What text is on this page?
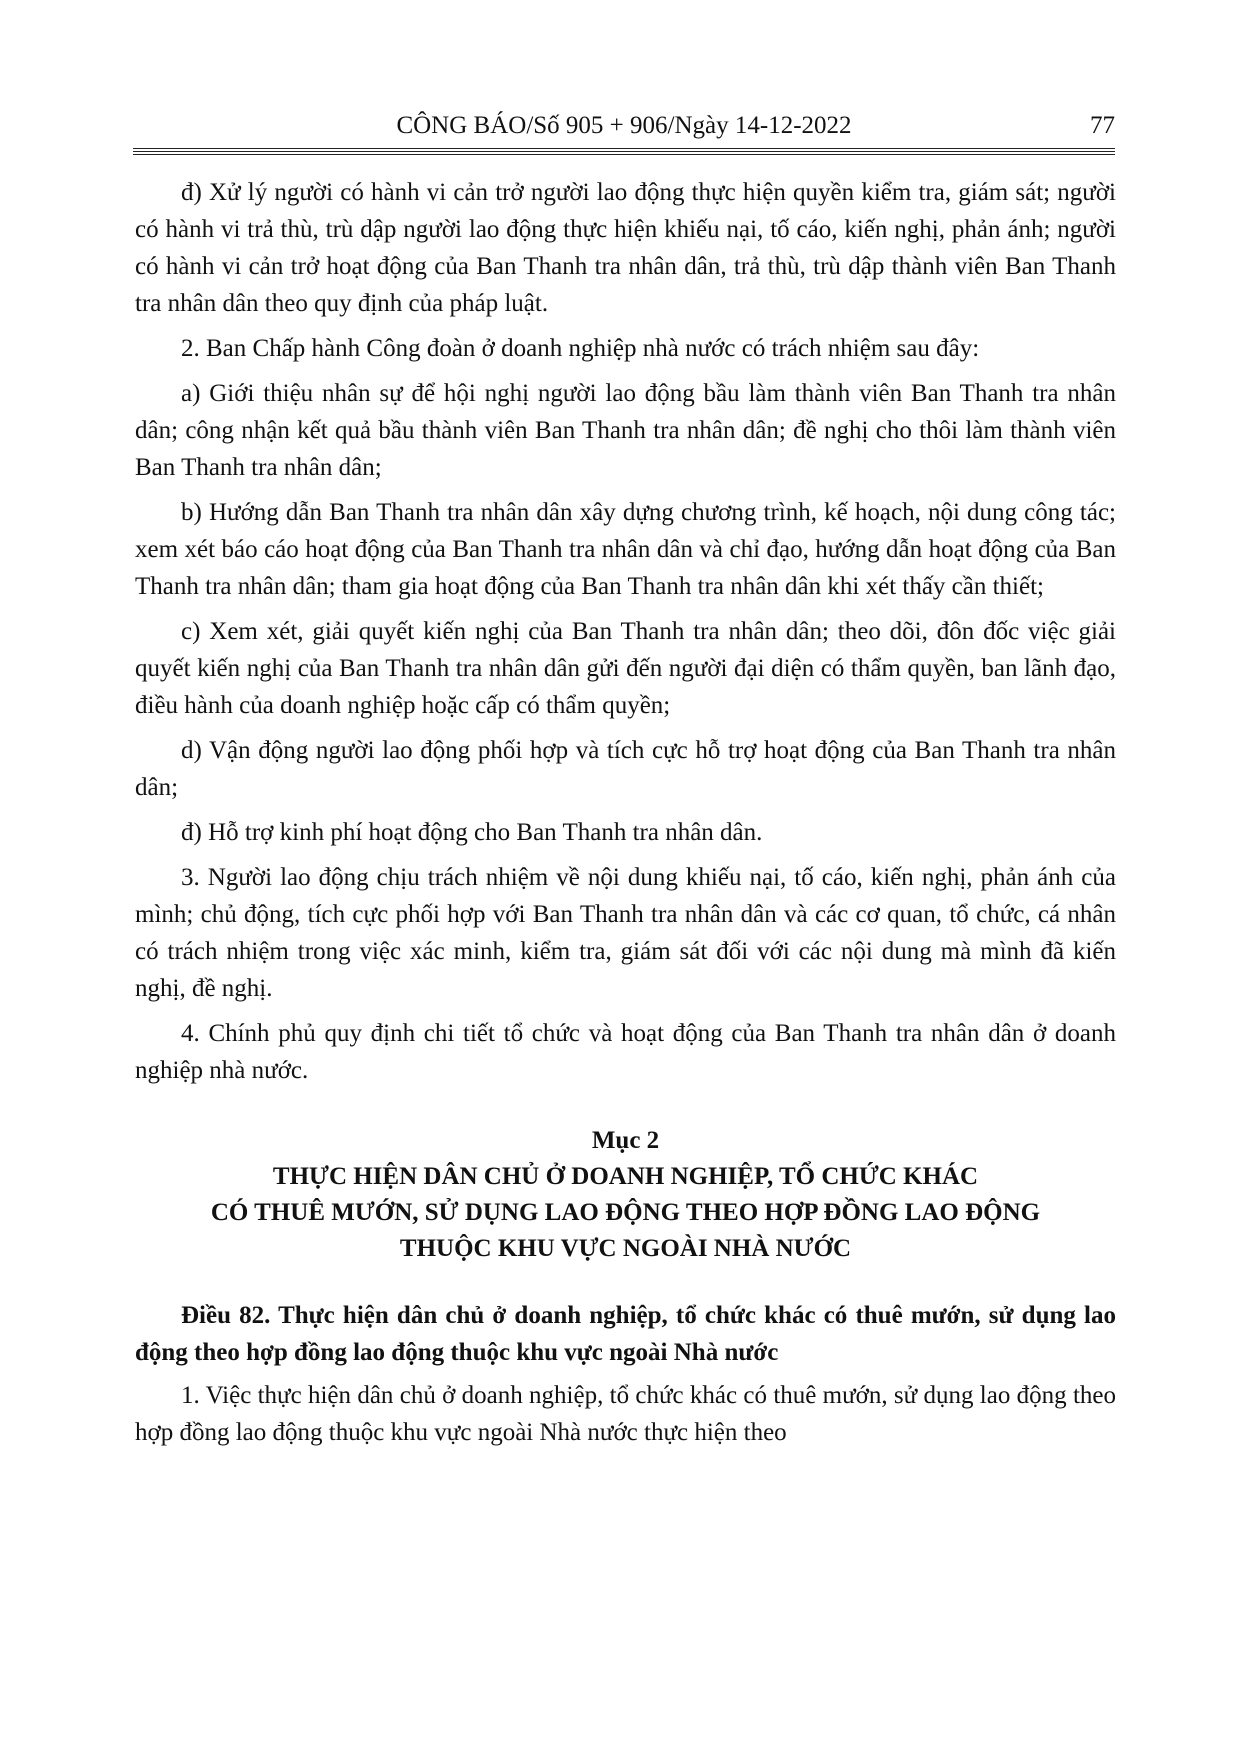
CÔNG BÁO/Số 905 + 906/Ngày 14-12-2022	77

đ) Xử lý người có hành vi cản trở người lao động thực hiện quyền kiểm tra, giám sát; người có hành vi trả thù, trù dập người lao động thực hiện khiếu nại, tố cáo, kiến nghị, phản ánh; người có hành vi cản trở hoạt động của Ban Thanh tra nhân dân, trả thù, trù dập thành viên Ban Thanh tra nhân dân theo quy định của pháp luật.

2. Ban Chấp hành Công đoàn ở doanh nghiệp nhà nước có trách nhiệm sau đây:

a) Giới thiệu nhân sự để hội nghị người lao động bầu làm thành viên Ban Thanh tra nhân dân; công nhận kết quả bầu thành viên Ban Thanh tra nhân dân; đề nghị cho thôi làm thành viên Ban Thanh tra nhân dân;

b) Hướng dẫn Ban Thanh tra nhân dân xây dựng chương trình, kế hoạch, nội dung công tác; xem xét báo cáo hoạt động của Ban Thanh tra nhân dân và chỉ đạo, hướng dẫn hoạt động của Ban Thanh tra nhân dân; tham gia hoạt động của Ban Thanh tra nhân dân khi xét thấy cần thiết;

c) Xem xét, giải quyết kiến nghị của Ban Thanh tra nhân dân; theo dõi, đôn đốc việc giải quyết kiến nghị của Ban Thanh tra nhân dân gửi đến người đại diện có thẩm quyền, ban lãnh đạo, điều hành của doanh nghiệp hoặc cấp có thẩm quyền;

d) Vận động người lao động phối hợp và tích cực hỗ trợ hoạt động của Ban Thanh tra nhân dân;

đ) Hỗ trợ kinh phí hoạt động cho Ban Thanh tra nhân dân.

3. Người lao động chịu trách nhiệm về nội dung khiếu nại, tố cáo, kiến nghị, phản ánh của mình; chủ động, tích cực phối hợp với Ban Thanh tra nhân dân và các cơ quan, tổ chức, cá nhân có trách nhiệm trong việc xác minh, kiểm tra, giám sát đối với các nội dung mà mình đã kiến nghị, đề nghị.

4. Chính phủ quy định chi tiết tổ chức và hoạt động của Ban Thanh tra nhân dân ở doanh nghiệp nhà nước.

Mục 2

THỰC HIỆN DÂN CHỦ Ở DOANH NGHIỆP, TỔ CHỨC KHÁC

CÓ THUÊ MƯỚN, SỬ DỤNG LAO ĐỘNG THEO HỢP ĐỒNG LAO ĐỘNG

THUỘC KHU VỰC NGOÀI NHÀ NƯỚC

Điều 82. Thực hiện dân chủ ở doanh nghiệp, tổ chức khác có thuê mướn, sử dụng lao động theo hợp đồng lao động thuộc khu vực ngoài Nhà nước

1. Việc thực hiện dân chủ ở doanh nghiệp, tổ chức khác có thuê mướn, sử dụng lao động theo hợp đồng lao động thuộc khu vực ngoài Nhà nước thực hiện theo
